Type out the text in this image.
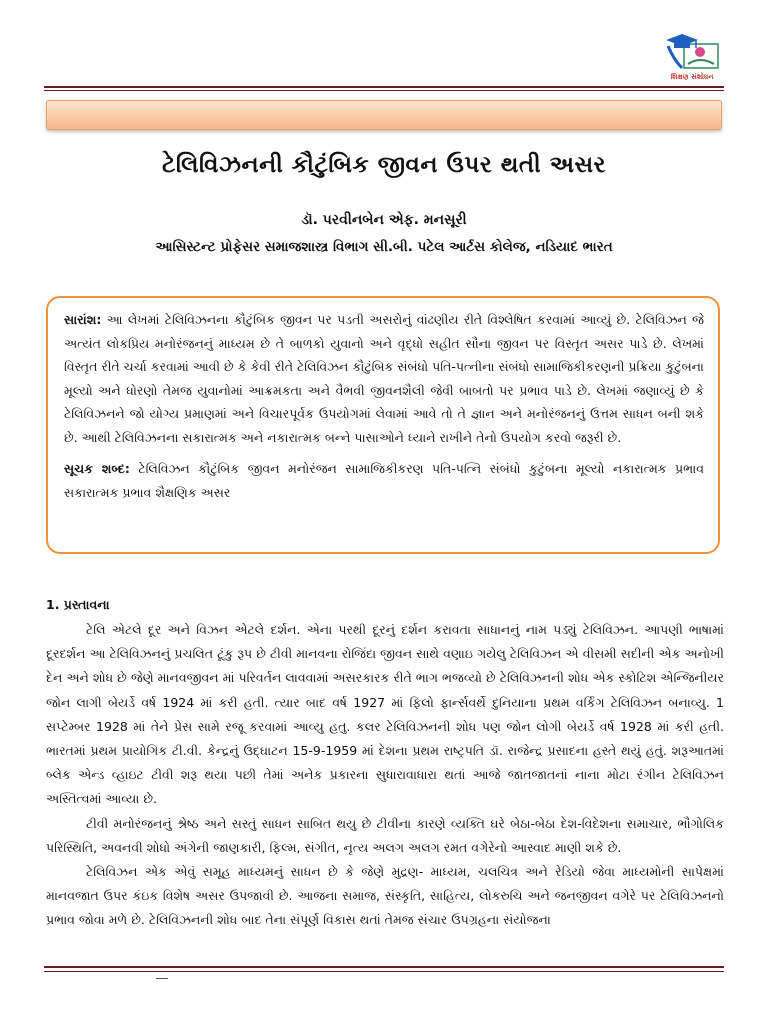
શિક્ષણ સંશોધન
ટેલિવિઝનની કૌટુંબિક જીવન ઉપર થતી અસર
ડૉ. પરવીનબેન એફ. મનસૂરી
આસિસ્ટન્ટ પ્રોફેસર સમાજશાસ્ત્ર વિભાગ સી.બી. પટેલ આર્ટસ કોલેજ, નડિયાદ ભારત

સારાંશ: આ લેખમાં ટેલિવિઝનના કૌટુંબિક જીવન પર પડતી અસરોનું વાંઢણીય રીતે વિશ્લેષિત કરવામાં આવ્યું છે. ટેલિવિઝન જે અત્યંત લોકપ્રિય મનોરંજનનું માધ્યમ છે તે બાળકો યુવાનો અને વૃદ્ધો સહીત સૌના જીવન પર વિસ્તૃત અસર પાડે છે. લેખમાં વિસ્તૃત રીતે ચર્ચા કરવામાં આવી છે કે કેવી રીતે ટેલિવિઝન કૌટુંબિક સંબંધો પતિ-પત્નીના સંબંધો સામાજિકીકરણની પ્રક્રિયા કુટુંબના મૂલ્યો અને ધોરણો તેમજ યુવાનોમાં આક્રમકતા અને વૈભવી જીવનશૈલી જેવી બાબતો પર પ્રભાવ પાડે છે. લેખમાં જણાવ્યું છે કે ટેલિવિઝનને જો યોગ્ય પ્રમાણમાં અને વિચારપૂર્વક ઉપયોગમાં લેવામાં આવે તો તે જ્ઞાન અને મનોરંજનનું ઉત્તમ સાધન બની શકે છે. આથી ટેલિવિઝનના સકારાત્મક અને નકારાત્મક બન્ને પાસાઓને ધ્યાને રાખીને તેનો ઉપયોગ કરવો જરૂરી છે.

સૂચક શબ્દ: ટેલિવિઝન કૌટુંબિક જીવન મનોરંજન સામાજિકીકરણ પતિ-પત્નિ સંબંધો કુટુંબના મૂલ્યો નકારાત્મક પ્રભાવ સકારાત્મક પ્રભાવ શૈક્ષણિક અસર

1. પ્રસ્તાવના

ટેલિ એટલે દૂર અને વિઝન એટલે દર્શન. એના પરથી દૂરનું દર્શન કરાવતા સાધાનનું નામ પડ્યું ટેલિવિઝન. આપણી ભાષામાં દૂરદર્શન આ ટેલિવિઝનનું પ્રચલિત ટૂંકુ રૂપ છે ટીવી માનવના રોજિંદા જીવન સાથે વણાઇ ગયેલુ ટેલિવિઝન એ વીસમી સદીની એક અનોખી દેન અને શોધ છે જેણે માનવજીવન માં પરિવર્તન લાવવામાં અસરકારક રીતે ભાગ ભજવ્યો છે ટેલિવિઝનની શોધ એક સ્કોટિશ એન્જિનીયર જોન લાગી બેયર્ડે વર્ષ 1924 માં કરી હતી. ત્યાર બાદ વર્ષ 1927 માં ફિલો ફાર્ન્સવર્થે દુનિયાના પ્રથમ વર્કિંગ ટેલિવિઝન બનાવ્યુ. 1 સપ્ટેમ્બર 1928 માં તેને પ્રેસ સામે રજૂ કરવામાં આવ્યુ હતુ. કલર ટેલિવિઝનની શોધ પણ જોન લોગી બેયર્ડે વર્ષ 1928 માં કરી હતી. ભારતમાં પ્રથમ પ્રાયોગિક ટી.વી. કેન્દ્રનું ઉદ્ઘાટન 15-9-1959 માં દેશના પ્રથમ રાષ્ટ્રપતિ ડૉ. રાજેન્દ્ર પ્રસાદના હસ્તે થયું હતું. શરૂઆતમાં બ્લેક એન્ડ વ્હાઇટ ટીવી શરૂ થયા પછી તેમાં અનેક પ્રકારના સુધારાવાધારા થતાં આજે જાતજાતનાં નાના મોટા રંગીન ટેલિવિઝન અસ્તિત્વમાં આવ્યા છે.

ટીવી મનોરંજનનું શ્રેષ્ઠ અને સસ્તું સાધન સાબિત થયુ છે ટીવીના કારણે વ્યક્તિ ઘરે બેઠા-બેઠા દેશ-વિદેશના સમાચાર, ભૌગોલિક પરિસ્થિતિ, અવનવી શોધો અંગેની જાણકારી, ફિલ્મ, સંગીત, નૃત્ય અલગ અલગ રમત વગેરેનો આસ્વાદ માણી શકે છે.

ટેલિવિઝન એક એવું સમૂહ માધ્યમનું સાધન છે કે જેણે મુદ્રણ- માધ્યમ, ચલચિત્ર અને રેડિયો જેવા માધ્યમોની સાપેક્ષમાં માનવજાત ઉપર કંઇક વિશેષ અસર ઉપજાવી છે. આજના સમાજ, સંસ્કૃતિ, સાહિત્ય, લોકરુચિ અને જનજીવન વગેરે પર ટેલિવિઝનનો પ્રભાવ જોવા મળે છે. ટેલિવિઝનની શોધ બાદ તેના સંપૂર્ણ વિકાસ થતાં તેમજ સંચાર ઉપગ્રહના સંયોજના
